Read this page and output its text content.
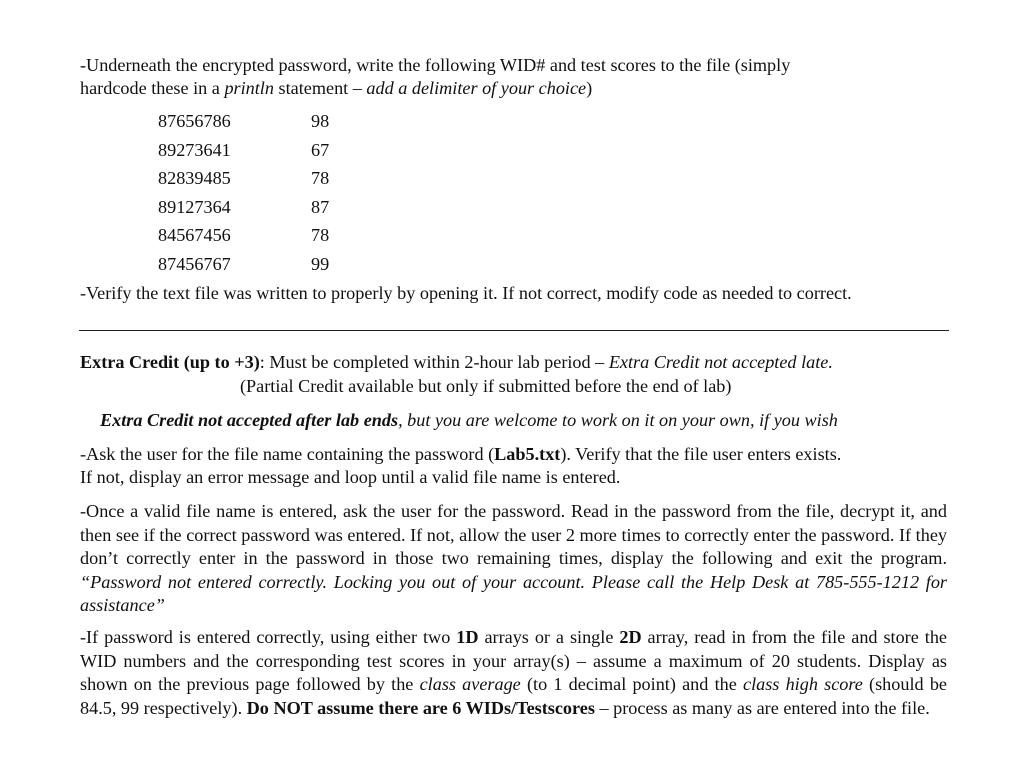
-Underneath the encrypted password, write the following WID# and test scores to the file (simply
hardcode these in a println statement – add a delimiter of your choice)
87656786	98
89273641	67
82839485	78
89127364	87
84567456	78
87456767	99
-Verify the text file was written to properly by opening it. If not correct, modify code as needed to correct.
Extra Credit (up to +3): Must be completed within 2-hour lab period – Extra Credit not accepted late.
(Partial Credit available but only if submitted before the end of lab)
Extra Credit not accepted after lab ends, but you are welcome to work on it on your own, if you wish
-Ask the user for the file name containing the password (Lab5.txt). Verify that the file user enters exists.
If not, display an error message and loop until a valid file name is entered.
-Once a valid file name is entered, ask the user for the password. Read in the password from the file, decrypt it, and then see if the correct password was entered. If not, allow the user 2 more times to correctly enter the password. If they don’t correctly enter in the password in those two remaining times, display the following and exit the program. “Password not entered correctly. Locking you out of your account. Please call the Help Desk at 785-555-1212 for assistance”
-If password is entered correctly, using either two 1D arrays or a single 2D array, read in from the file and store the WID numbers and the corresponding test scores in your array(s) – assume a maximum of 20 students. Display as shown on the previous page followed by the class average (to 1 decimal point) and the class high score (should be 84.5, 99 respectively). Do NOT assume there are 6 WIDs/Testscores – process as many as are entered into the file.
